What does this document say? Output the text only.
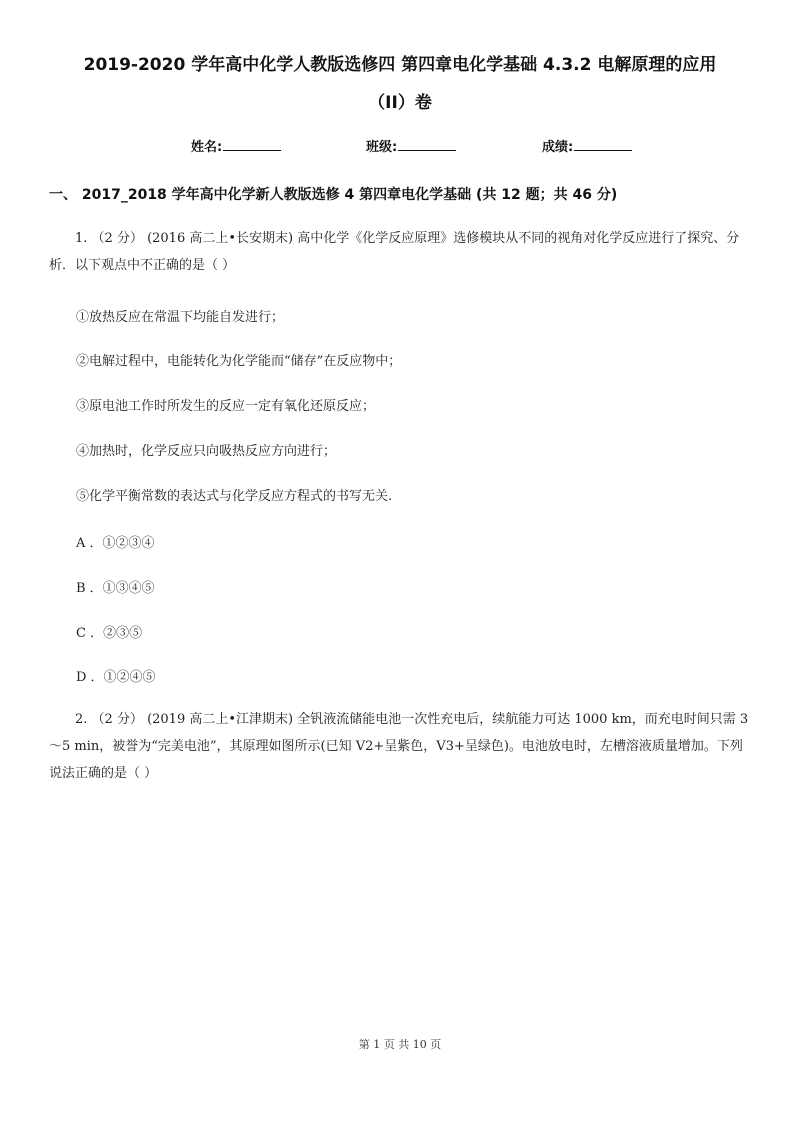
2019-2020 学年高中化学人教版选修四 第四章电化学基础 4.3.2 电解原理的应用
（II）卷
姓名:	班级:	成绩:
一、 2017_2018 学年高中化学新人教版选修 4 第四章电化学基础 (共 12 题；共 46 分)
1. （2 分） (2016 高二上•长安期末) 高中化学《化学反应原理》选修模块从不同的视角对化学反应进行了探究、分析．以下观点中不正确的是（ ）
①放热反应在常温下均能自发进行；
②电解过程中，电能转化为化学能而“储存”在反应物中；
③原电池工作时所发生的反应一定有氧化还原反应；
④加热时，化学反应只向吸热反应方向进行；
⑤化学平衡常数的表达式与化学反应方程式的书写无关.
A ．①②③④
B ．①③④⑤
C ．②③⑤
D ．①②④⑤
2. （2 分） (2019 高二上•江津期末) 全钒液流储能电池一次性充电后，续航能力可达 1000 km，而充电时间只需 3～5 min，被誉为“完美电池”，其原理如图所示(已知 V2+呈紫色，V3+呈绿色)。电池放电时，左槽溶液质量增加。下列说法正确的是（ ）
第 1 页 共 10 页
